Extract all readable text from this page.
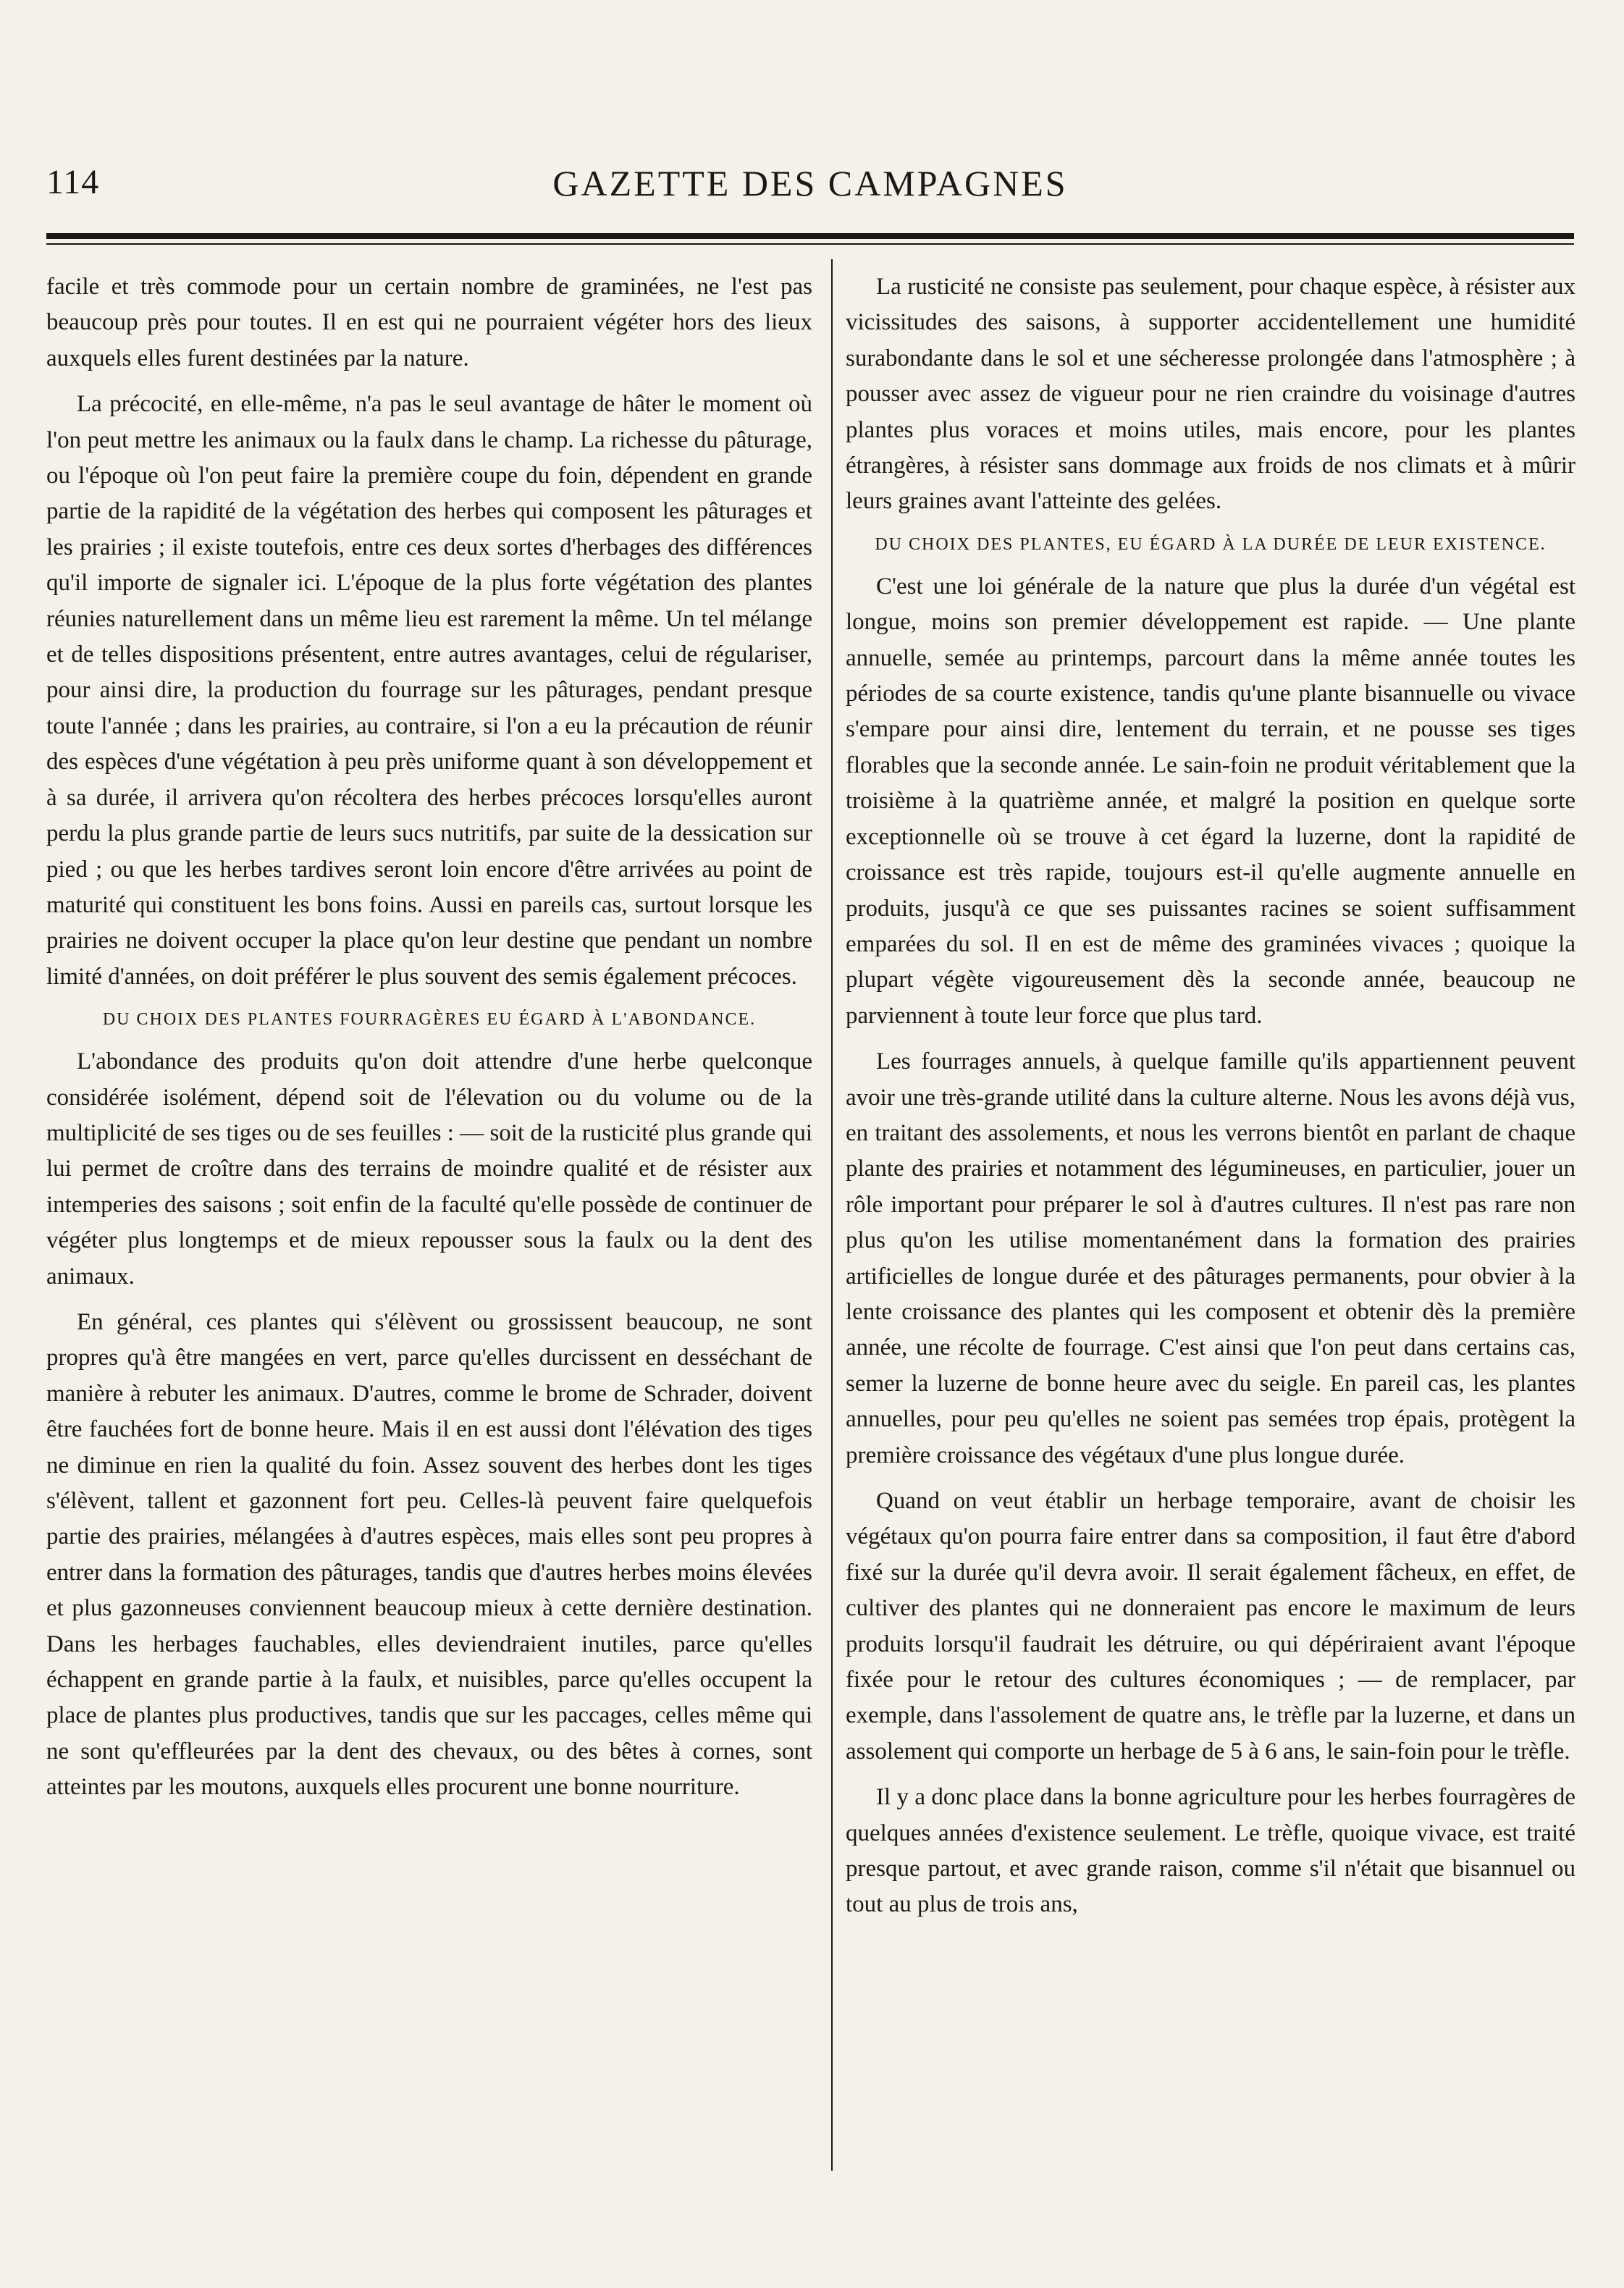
114	GAZETTE DES CAMPAGNES

facile et très commode pour un certain nombre de graminées, ne l'est pas beaucoup près pour toutes. Il en est qui ne pourraient végéter hors des lieux auxquels elles furent destinées par la nature.

La précocité, en elle-même, n'a pas le seul avantage de hâter le moment où l'on peut mettre les animaux ou la faulx dans le champ. La richesse du pâturage, ou l'époque où l'on peut faire la première coupe du foin, dépendent en grande partie de la rapidité de la végétation des herbes qui composent les pâturages et les prairies ; il existe toutefois, entre ces deux sortes d'herbages des différences qu'il importe de signaler ici. L'époque de la plus forte végétation des plantes réunies naturellement dans un même lieu est rarement la même. Un tel mélange et de telles dispositions présentent, entre autres avantages, celui de régulariser, pour ainsi dire, la production du fourrage sur les pâturages, pendant presque toute l'année ; dans les prairies, au contraire, si l'on a eu la précaution de réunir des espèces d'une végétation à peu près uniforme quant à son développement et à sa durée, il arrivera qu'on récoltera des herbes précoces lorsqu'elles auront perdu la plus grande partie de leurs sucs nutritifs, par suite de la dessication sur pied ; ou que les herbes tardives seront loin encore d'être arrivées au point de maturité qui constituent les bons foins. Aussi en pareils cas, surtout lorsque les prairies ne doivent occuper la place qu'on leur destine que pendant un nombre limité d'années, on doit préférer le plus souvent des semis également précoces.

DU CHOIX DES PLANTES FOURRAGÈRES EU ÉGARD À L'ABONDANCE.

L'abondance des produits qu'on doit attendre d'une herbe quelconque considérée isolément, dépend soit de l'élevation ou du volume ou de la multiplicité de ses tiges ou de ses feuilles : — soit de la rusticité plus grande qui lui permet de croître dans des terrains de moindre qualité et de résister aux intemperies des saisons ; soit enfin de la faculté qu'elle possède de continuer de végéter plus longtemps et de mieux repousser sous la faulx ou la dent des animaux.

En général, ces plantes qui s'élèvent ou grossissent beaucoup, ne sont propres qu'à être mangées en vert, parce qu'elles durcissent en desséchant de manière à rebuter les animaux. D'autres, comme le brome de Schrader, doivent être fauchées fort de bonne heure. Mais il en est aussi dont l'élévation des tiges ne diminue en rien la qualité du foin. Assez souvent des herbes dont les tiges s'élèvent, tallent et gazonnent fort peu. Celles-là peuvent faire quelquefois partie des prairies, mélangées à d'autres espèces, mais elles sont peu propres à entrer dans la formation des pâturages, tandis que d'autres herbes moins élevées et plus gazonneuses conviennent beaucoup mieux à cette dernière destination. Dans les herbages fauchables, elles deviendraient inutiles, parce qu'elles échappent en grande partie à la faulx, et nuisibles, parce qu'elles occupent la place de plantes plus productives, tandis que sur les paccages, celles même qui ne sont qu'effleurées par la dent des chevaux, ou des bêtes à cornes, sont atteintes par les moutons, auxquels elles procurent une bonne nourriture.

La rusticité ne consiste pas seulement, pour chaque espèce, à résister aux vicissitudes des saisons, à supporter accidentellement une humidité surabondante dans le sol et une sécheresse prolongée dans l'atmosphère ; à pousser avec assez de vigueur pour ne rien craindre du voisinage d'autres plantes plus voraces et moins utiles, mais encore, pour les plantes étrangères, à résister sans dommage aux froids de nos climats et à mûrir leurs graines avant l'atteinte des gelées.

DU CHOIX DES PLANTES, EU ÉGARD À LA DURÉE DE LEUR EXISTENCE.

C'est une loi générale de la nature que plus la durée d'un végétal est longue, moins son premier développement est rapide. — Une plante annuelle, semée au printemps, parcourt dans la même année toutes les périodes de sa courte existence, tandis qu'une plante bisannuelle ou vivace s'empare pour ainsi dire, lentement du terrain, et ne pousse ses tiges florables que la seconde année. Le sain-foin ne produit véritablement que la troisième à la quatrième année, et malgré la position en quelque sorte exceptionnelle où se trouve à cet égard la luzerne, dont la rapidité de croissance est très rapide, toujours est-il qu'elle augmente annuelle en produits, jusqu'à ce que ses puissantes racines se soient suffisamment emparées du sol. Il en est de même des graminées vivaces ; quoique la plupart végète vigoureusement dès la seconde année, beaucoup ne parviennent à toute leur force que plus tard.

Les fourrages annuels, à quelque famille qu'ils appartiennent peuvent avoir une très-grande utilité dans la culture alterne. Nous les avons déjà vus, en traitant des assolements, et nous les verrons bientôt en parlant de chaque plante des prairies et notamment des légumineuses, en particulier, jouer un rôle important pour préparer le sol à d'autres cultures. Il n'est pas rare non plus qu'on les utilise momentanément dans la formation des prairies artificielles de longue durée et des pâturages permanents, pour obvier à la lente croissance des plantes qui les composent et obtenir dès la première année, une récolte de fourrage. C'est ainsi que l'on peut dans certains cas, semer la luzerne de bonne heure avec du seigle. En pareil cas, les plantes annuelles, pour peu qu'elles ne soient pas semées trop épais, protègent la première croissance des végétaux d'une plus longue durée.

Quand on veut établir un herbage temporaire, avant de choisir les végétaux qu'on pourra faire entrer dans sa composition, il faut être d'abord fixé sur la durée qu'il devra avoir. Il serait également fâcheux, en effet, de cultiver des plantes qui ne donneraient pas encore le maximum de leurs produits lorsqu'il faudrait les détruire, ou qui dépériraient avant l'époque fixée pour le retour des cultures économiques ; — de remplacer, par exemple, dans l'assolement de quatre ans, le trèfle par la luzerne, et dans un assolement qui comporte un herbage de 5 à 6 ans, le sain-foin pour le trèfle.

Il y a donc place dans la bonne agriculture pour les herbes fourragères de quelques années d'existence seulement. Le trèfle, quoique vivace, est traité presque partout, et avec grande raison, comme s'il n'était que bisannuel ou tout au plus de trois ans,
